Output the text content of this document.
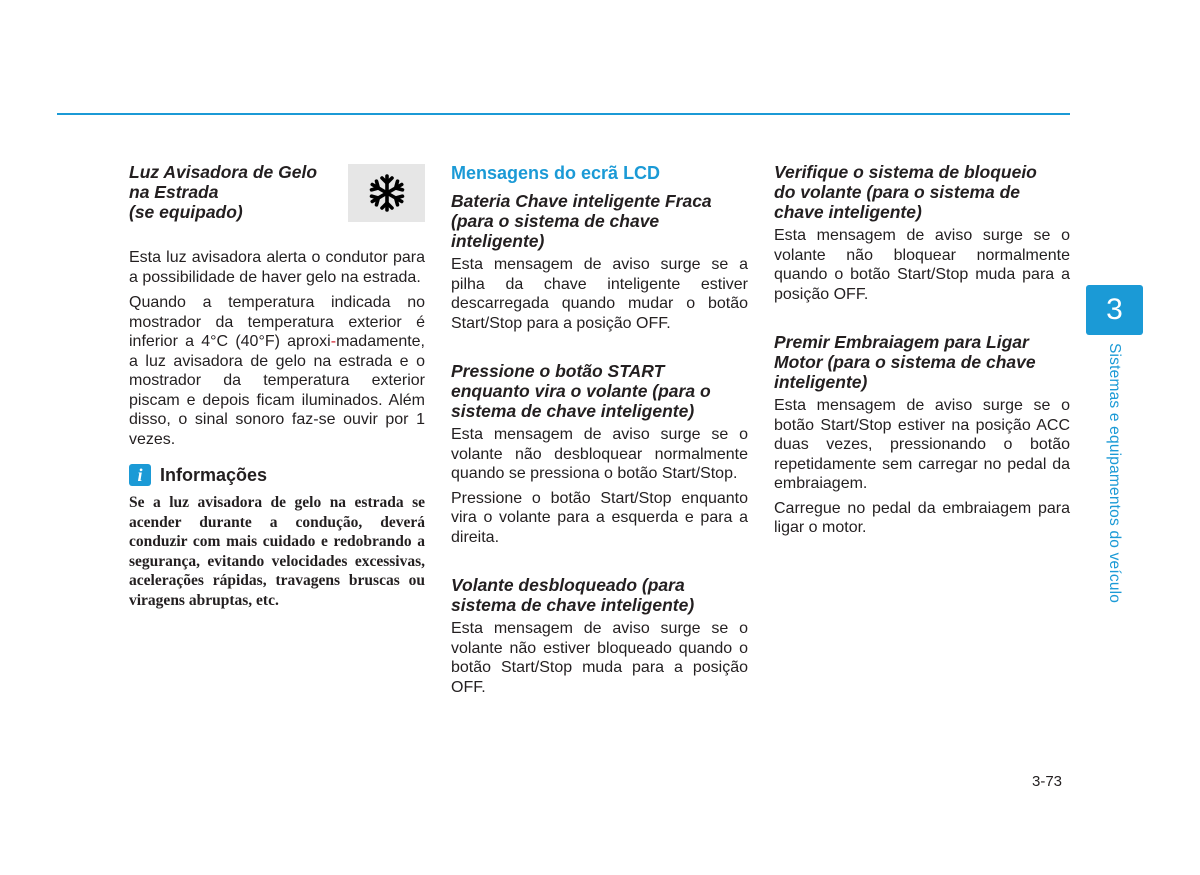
Luz Avisadora de Gelo
na Estrada
(se equipado)

Esta luz avisadora alerta o condutor para a possibilidade de haver gelo na estrada.

Quando a temperatura indicada no mostrador da temperatura exterior é inferior a 4°C (40°F) aproxi-madamente, a luz avisadora de gelo na estrada e o mostrador da temperatura exterior piscam e depois ficam iluminados. Além disso, o sinal sonoro faz-se ouvir por 1 vezes.

i Informações

Se a luz avisadora de gelo na estrada se acender durante a condução, deverá conduzir com mais cuidado e redobrando a segurança, evitando velocidades excessivas, acelerações rápidas, travagens bruscas ou viragens abruptas, etc.

Mensagens do ecrã LCD

Bateria Chave inteligente Fraca
(para o sistema de chave
inteligente)

Esta mensagem de aviso surge se a pilha da chave inteligente estiver descarregada quando mudar o botão Start/Stop para a posição OFF.

Pressione o botão START
enquanto vira o volante (para o
sistema de chave inteligente)

Esta mensagem de aviso surge se o volante não desbloquear normalmente quando se pressiona o botão Start/Stop.

Pressione o botão Start/Stop enquanto vira o volante para a esquerda e para a direita.

Volante desbloqueado (para
sistema de chave inteligente)

Esta mensagem de aviso surge se o volante não estiver bloqueado quando o botão Start/Stop muda para a posição OFF.

Verifique o sistema de bloqueio
do volante (para o sistema de
chave inteligente)

Esta mensagem de aviso surge se o volante não bloquear normalmente quando o botão Start/Stop muda para a posição OFF.

Premir Embraiagem para Ligar
Motor (para o sistema de chave
inteligente)

Esta mensagem de aviso surge se o botão Start/Stop estiver na posição ACC duas vezes, pressionando o botão repetidamente sem carregar no pedal da embraiagem.

Carregue no pedal da embraiagem para ligar o motor.

3
Sistemas e equipamentos do veículo
3-73
